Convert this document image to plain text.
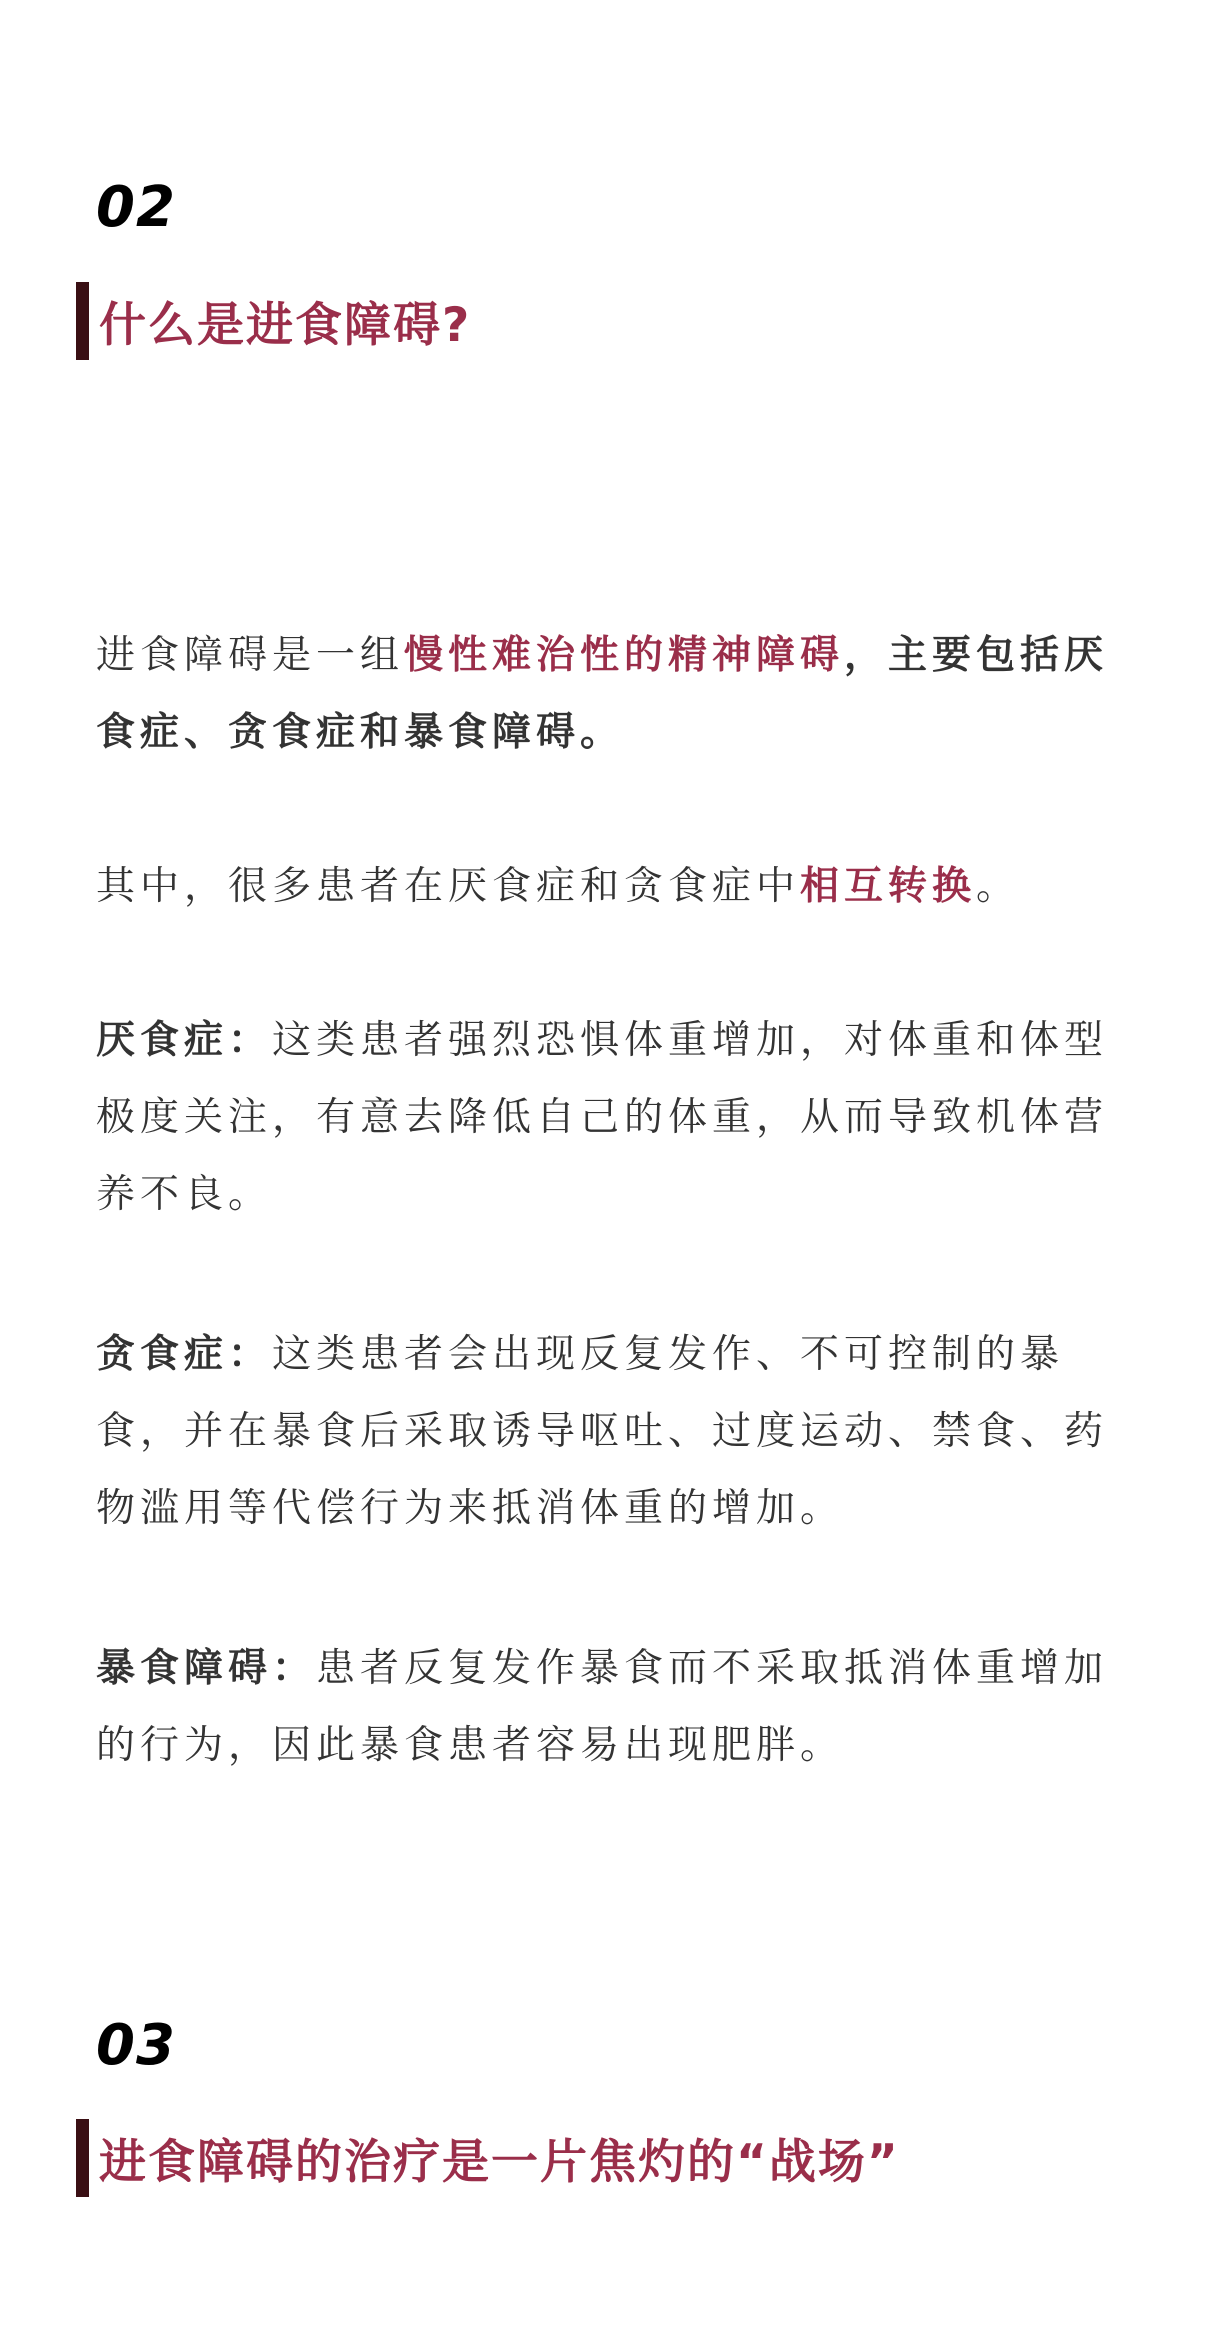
02
什么是进食障碍?

进食障碍是一组慢性难治性的精神障碍，主要包括厌食症、贪食症和暴食障碍。

其中，很多患者在厌食症和贪食症中相互转换。

厌食症：这类患者强烈恐惧体重增加，对体重和体型极度关注，有意去降低自己的体重，从而导致机体营养不良。

贪食症：这类患者会出现反复发作、不可控制的暴食，并在暴食后采取诱导呕吐、过度运动、禁食、药物滥用等代偿行为来抵消体重的增加。

暴食障碍：患者反复发作暴食而不采取抵消体重增加的行为，因此暴食患者容易出现肥胖。

03
进食障碍的治疗是一片焦灼的“战场”
